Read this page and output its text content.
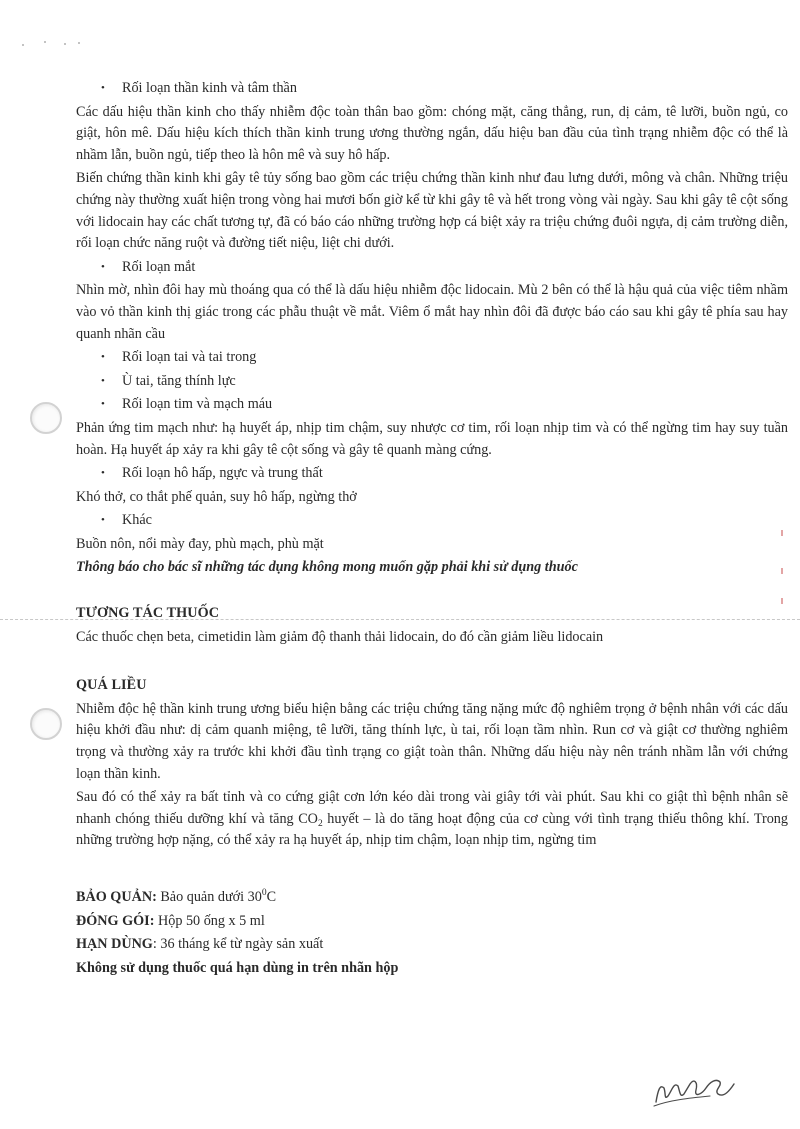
• Rối loạn thần kinh và tâm thần

Các dấu hiệu thần kinh cho thấy nhiễm độc toàn thân bao gồm: chóng mặt, căng thẳng, run, dị cảm, tê lưỡi, buồn ngủ, co giật, hôn mê. Dấu hiệu kích thích thần kinh trung ương thường ngắn, dấu hiệu ban đầu của tình trạng nhiễm độc có thể là nhầm lẫn, buồn ngủ, tiếp theo là hôn mê và suy hô hấp.

Biến chứng thần kinh khi gây tê tủy sống bao gồm các triệu chứng thần kinh như đau lưng dưới, mông và chân. Những triệu chứng này thường xuất hiện trong vòng hai mươi bốn giờ kể từ khi gây tê và hết trong vòng vài ngày. Sau khi gây tê cột sống với lidocain hay các chất tương tự, đã có báo cáo những trường hợp cá biệt xảy ra triệu chứng đuôi ngựa, dị cảm trường diễn, rối loạn chức năng ruột và đường tiết niệu, liệt chi dưới.

• Rối loạn mắt

Nhìn mờ, nhìn đôi hay mù thoáng qua có thể là dấu hiệu nhiễm độc lidocain. Mù 2 bên có thể là hậu quả của việc tiêm nhầm vào vỏ thần kinh thị giác trong các phẫu thuật về mắt. Viêm ổ mắt hay nhìn đôi đã được báo cáo sau khi gây tê phía sau hay quanh nhãn cầu

• Rối loạn tai và tai trong
• Ù tai, tăng thính lực
• Rối loạn tim và mạch máu

Phản ứng tim mạch như: hạ huyết áp, nhịp tim chậm, suy nhược cơ tim, rối loạn nhịp tim và có thể ngừng tim hay suy tuần hoàn. Hạ huyết áp xảy ra khi gây tê cột sống và gây tê quanh màng cứng.

• Rối loạn hô hấp, ngực và trung thất

Khó thở, co thắt phế quản, suy hô hấp, ngừng thở

• Khác

Buồn nôn, nổi mày đay, phù mạch, phù mặt

Thông báo cho bác sĩ những tác dụng không mong muốn gặp phải khi sử dụng thuốc

TƯƠNG TÁC THUỐC

Các thuốc chẹn beta, cimetidin làm giảm độ thanh thải lidocain, do đó cần giảm liều lidocain

QUÁ LIỀU

Nhiễm độc hệ thần kinh trung ương biểu hiện bằng các triệu chứng tăng nặng mức độ nghiêm trọng ở bệnh nhân với các dấu hiệu khởi đầu như: dị cảm quanh miệng, tê lưỡi, tăng thính lực, ù tai, rối loạn tầm nhìn. Run cơ và giật cơ thường nghiêm trọng và thường xảy ra trước khi khởi đầu tình trạng co giật toàn thân. Những dấu hiệu này nên tránh nhầm lẫn với chứng loạn thần kinh.

Sau đó có thể xảy ra bất tỉnh và co cứng giật cơn lớn kéo dài trong vài giây tới vài phút. Sau khi co giật thì bệnh nhân sẽ nhanh chóng thiếu dưỡng khí và tăng $CO_2$ huyết – là do tăng hoạt động của cơ cùng với tình trạng thiếu thông khí. Trong những trường hợp nặng, có thể xảy ra hạ huyết áp, nhịp tim chậm, loạn nhịp tim, ngừng tim

BẢO QUẢN: Bảo quản dưới $30^0C$

ĐÓNG GÓI: Hộp 50 ống x 5 ml

HẠN DÙNG: 36 tháng kể từ ngày sản xuất

Không sử dụng thuốc quá hạn dùng in trên nhãn hộp
